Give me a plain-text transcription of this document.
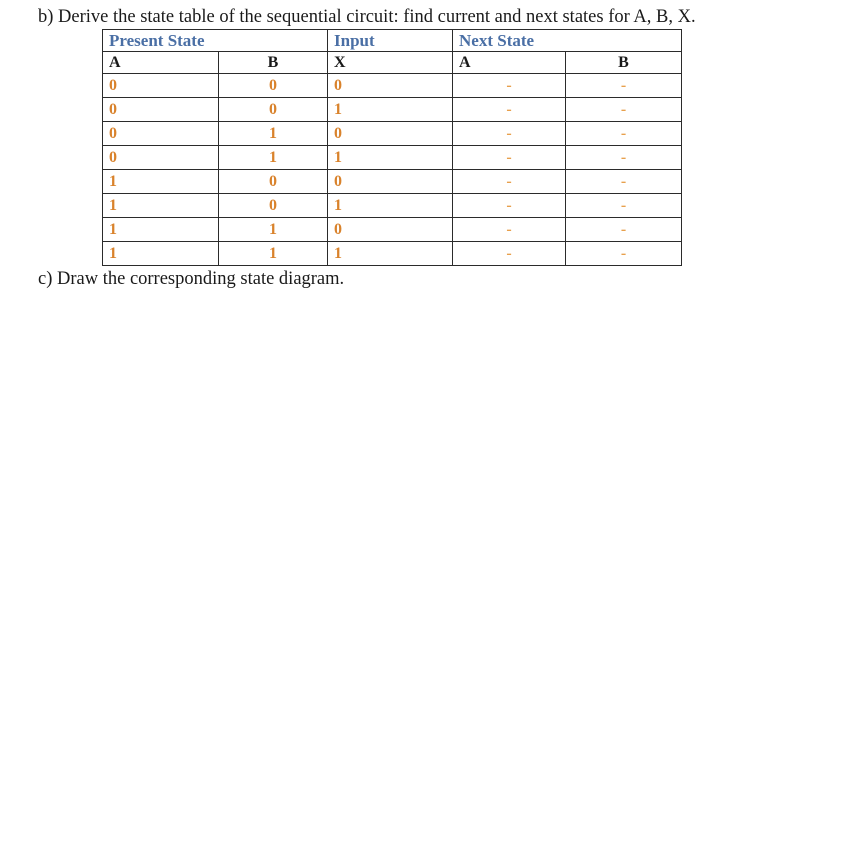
b) Derive the state table of the sequential circuit: find current and next states for A, B, X.
Present State		Input	Next State	
A	B	X	A	B
0	0	0	-	-
0	0	1	-	-
0	1	0	-	-
0	1	1	-	-
1	0	0	-	-
1	0	1	-	-
1	1	0	-	-
1	1	1	-	-
c) Draw the corresponding state diagram.
